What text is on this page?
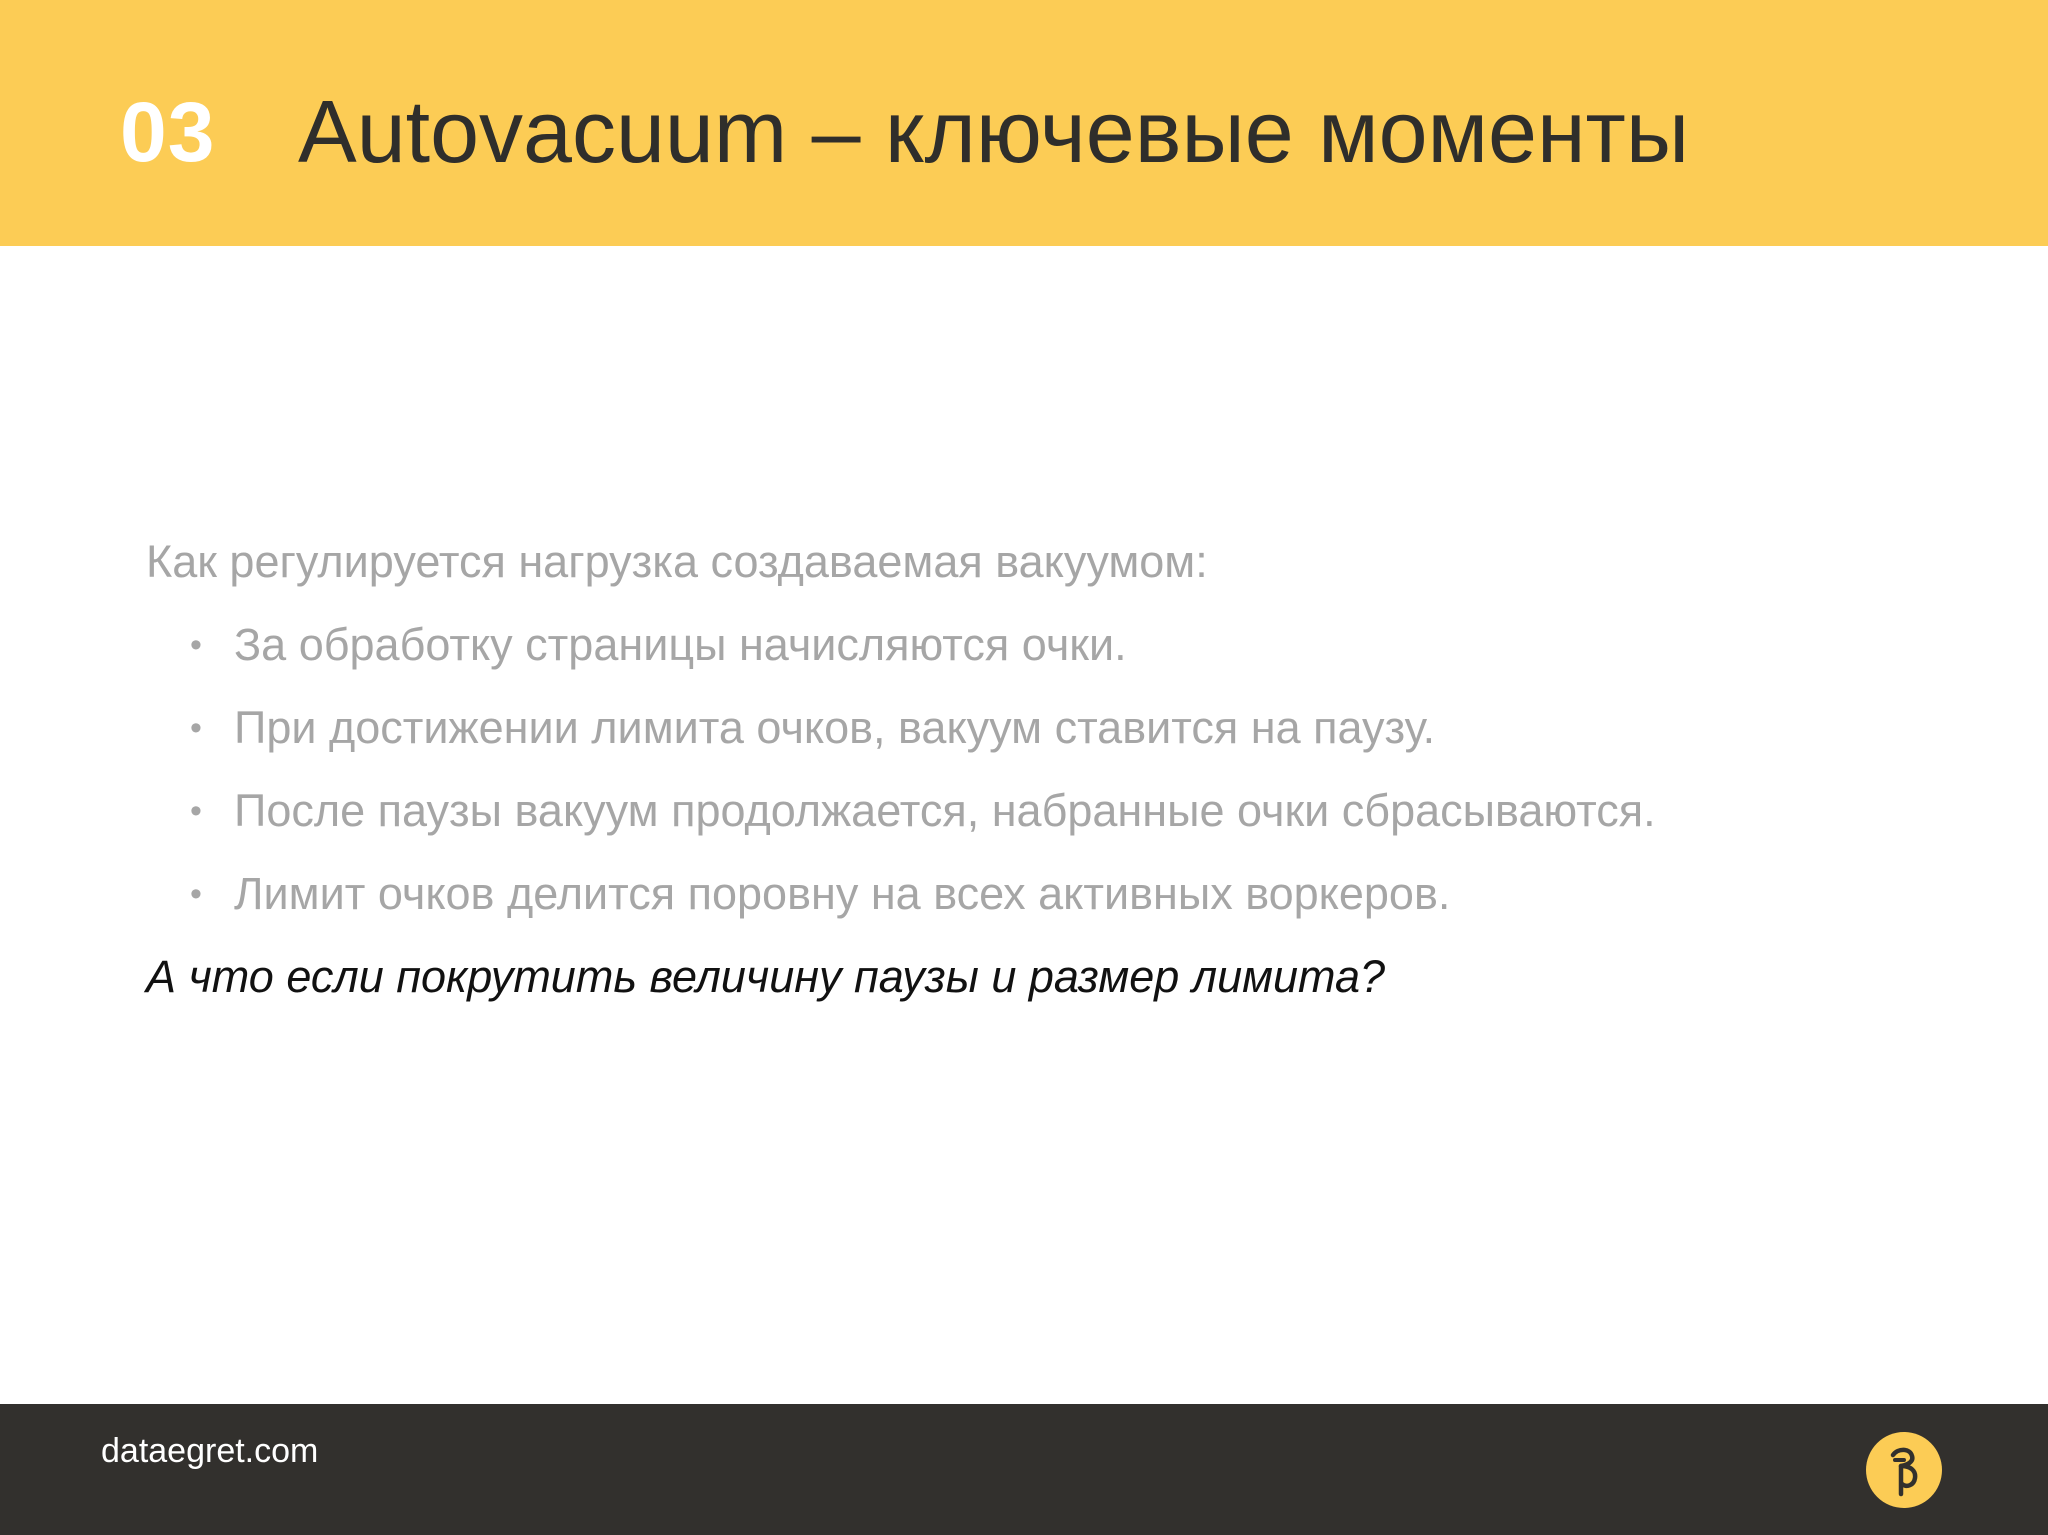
03 Autovacuum – ключевые моменты
Как регулируется нагрузка создаваемая вакуумом:
• За обработку страницы начисляются очки.
• При достижении лимита очков, вакуум ставится на паузу.
• После паузы вакуум продолжается, набранные очки сбрасываются.
• Лимит очков делится поровну на всех активных воркеров.
А что если покрутить величину паузы и размер лимита?
dataegret.com
